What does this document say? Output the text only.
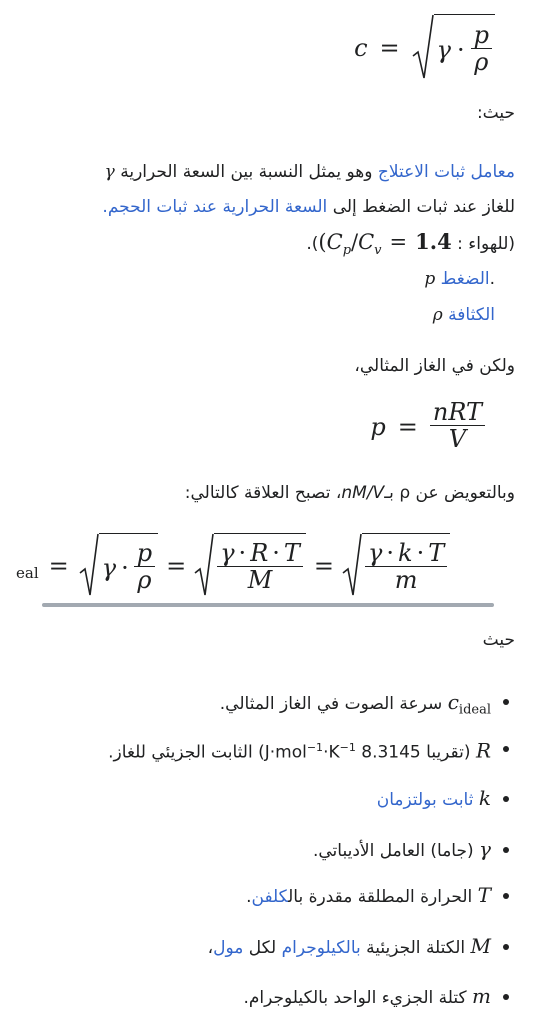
$c = \gamma \cdot \frac{p}{\rho}$
حيث:
γ	معامل ثبات الاعتلاج وهو يمثل النسبة بين السعة الحرارية
للغاز عند ثبات الضغط إلى السعة الحرارية عند ثبات الحجم.
(للهواء : ($C_p/C_v = 1.4$.(
p الضغط.
ρ الكثافة
ولكن في الغاز المثالي،
$p = \frac{\text{nRT}}{V}$
وبالتعويض عن ρ بـnM/V، تصبح العلاقة كالتالي:
eal = $\gamma \cdot \frac{p}{\rho} = \frac{\gamma \cdot R \cdot T}{M} = \frac{\gamma \cdot k \cdot T}{m}$
حيث
$c_{ideal}$ سرعة الصوت في الغاز المثالي.
R (تقريبا 8.3145 $J\cdot mol^{-1}\cdot K^{-1}$) الثابت الجزيئي للغاز.
k ثابت بولتزمان
γ (جاما) العامل الأديباتي.
T الحرارة المطلقة مقدرة بالكلفن.
M الكتلة الجزيئية بالكيلوجرام لكل مول،
m كتلة الجزيء الواحد بالكيلوجرام.
